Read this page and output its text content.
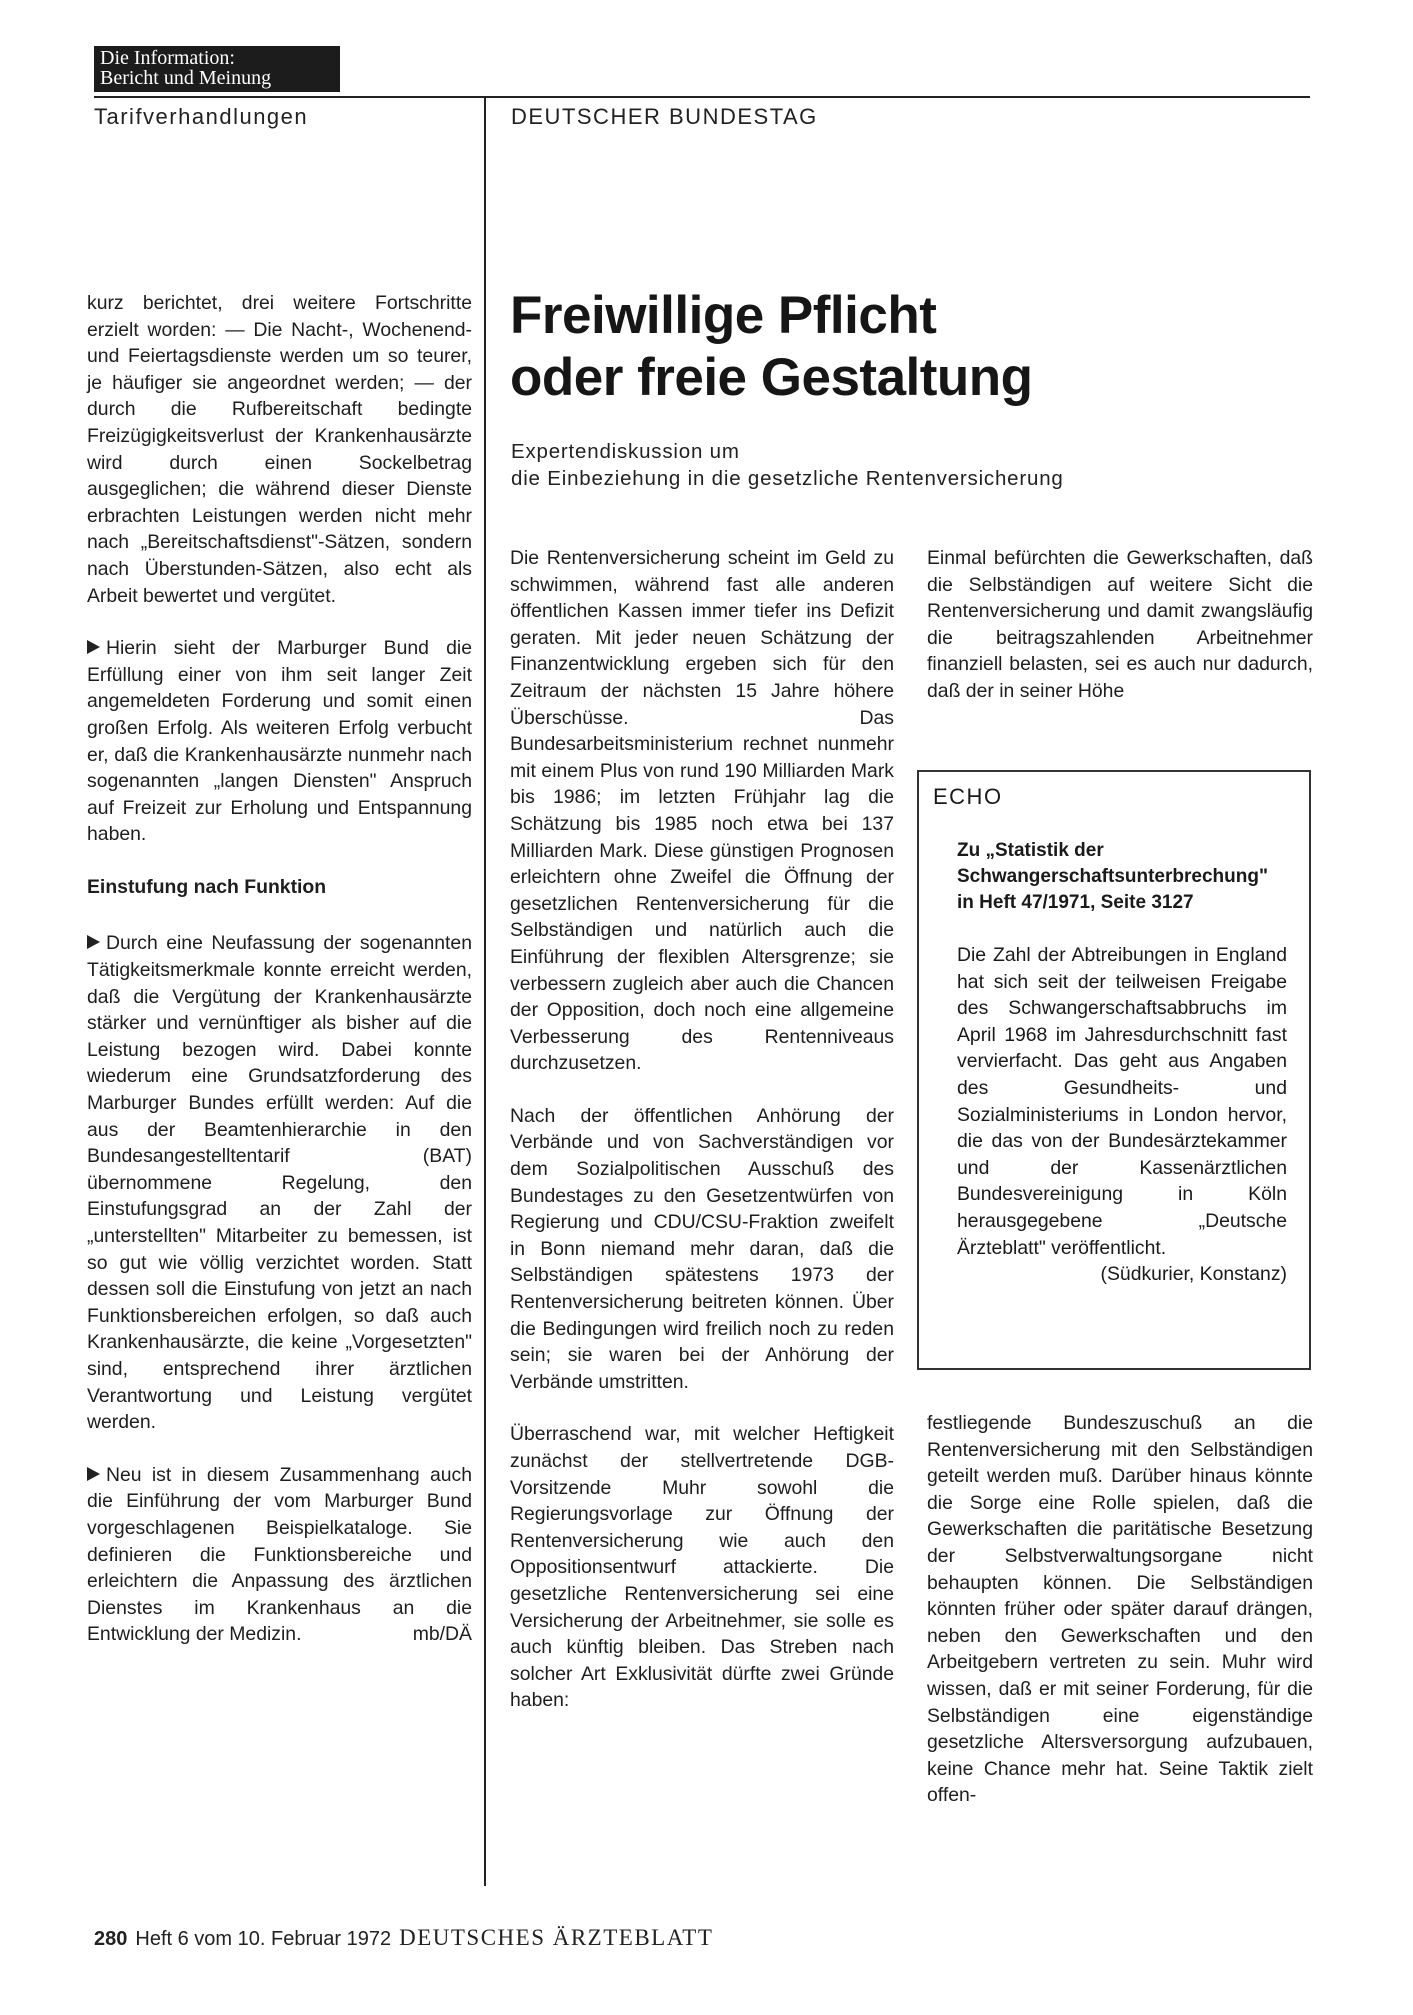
Die Information:
Bericht und Meinung
Tarifverhandlungen	DEUTSCHER BUNDESTAG

kurz berichtet, drei weitere Fortschritte erzielt worden: — Die Nacht-, Wochenend- und Feiertagsdienste werden um so teurer, je häufiger sie angeordnet werden; — der durch die Rufbereitschaft bedingte Freizügigkeitsverlust der Krankenhausärzte wird durch einen Sockelbetrag ausgeglichen; die während dieser Dienste erbrachten Leistungen werden nicht mehr nach „Bereitschaftsdienst"-Sätzen, sondern nach Überstunden-Sätzen, also echt als Arbeit bewertet und vergütet.

Hierin sieht der Marburger Bund die Erfüllung einer von ihm seit langer Zeit angemeldeten Forderung und somit einen großen Erfolg. Als weiteren Erfolg verbucht er, daß die Krankenhausärzte nunmehr nach sogenannten „langen Diensten" Anspruch auf Freizeit zur Erholung und Entspannung haben.

Einstufung nach Funktion

Durch eine Neufassung der sogenannten Tätigkeitsmerkmale konnte erreicht werden, daß die Vergütung der Krankenhausärzte stärker und vernünftiger als bisher auf die Leistung bezogen wird. Dabei konnte wiederum eine Grundsatzforderung des Marburger Bundes erfüllt werden: Auf die aus der Beamtenhierarchie in den Bundesangestelltentarif (BAT) übernommene Regelung, den Einstufungsgrad an der Zahl der „unterstellten" Mitarbeiter zu bemessen, ist so gut wie völlig verzichtet worden. Statt dessen soll die Einstufung von jetzt an nach Funktionsbereichen erfolgen, so daß auch Krankenhausärzte, die keine „Vorgesetzten" sind, entsprechend ihrer ärztlichen Verantwortung und Leistung vergütet werden.

Neu ist in diesem Zusammenhang auch die Einführung der vom Marburger Bund vorgeschlagenen Beispielkataloge. Sie definieren die Funktionsbereiche und erleichtern die Anpassung des ärztlichen Dienstes im Krankenhaus an die Entwicklung der Medizin.	mb/DÄ

Freiwillige Pflicht
oder freie Gestaltung
Expertendiskussion um
die Einbeziehung in die gesetzliche Rentenversicherung

Die Rentenversicherung scheint im Geld zu schwimmen, während fast alle anderen öffentlichen Kassen immer tiefer ins Defizit geraten. Mit jeder neuen Schätzung der Finanzentwicklung ergeben sich für den Zeitraum der nächsten 15 Jahre höhere Überschüsse. Das Bundesarbeitsministerium rechnet nunmehr mit einem Plus von rund 190 Milliarden Mark bis 1986; im letzten Frühjahr lag die Schätzung bis 1985 noch etwa bei 137 Milliarden Mark. Diese günstigen Prognosen erleichtern ohne Zweifel die Öffnung der gesetzlichen Rentenversicherung für die Selbständigen und natürlich auch die Einführung der flexiblen Altersgrenze; sie verbessern zugleich aber auch die Chancen der Opposition, doch noch eine allgemeine Verbesserung des Rentenniveaus durchzusetzen.

Nach der öffentlichen Anhörung der Verbände und von Sachverständigen vor dem Sozialpolitischen Ausschuß des Bundestages zu den Gesetzentwürfen von Regierung und CDU/CSU-Fraktion zweifelt in Bonn niemand mehr daran, daß die Selbständigen spätestens 1973 der Rentenversicherung beitreten können. Über die Bedingungen wird freilich noch zu reden sein; sie waren bei der Anhörung der Verbände umstritten.

Überraschend war, mit welcher Heftigkeit zunächst der stellvertretende DGB-Vorsitzende Muhr sowohl die Regierungsvorlage zur Öffnung der Rentenversicherung wie auch den Oppositionsentwurf attackierte. Die gesetzliche Rentenversicherung sei eine Versicherung der Arbeitnehmer, sie solle es auch künftig bleiben. Das Streben nach solcher Art Exklusivität dürfte zwei Gründe haben:

Einmal befürchten die Gewerkschaften, daß die Selbständigen auf weitere Sicht die Rentenversicherung und damit zwangsläufig die beitragszahlenden Arbeitnehmer finanziell belasten, sei es auch nur dadurch, daß der in seiner Höhe

ECHO
Zu „Statistik der Schwangerschaftsunterbrechung" in Heft 47/1971, Seite 3127
Die Zahl der Abtreibungen in England hat sich seit der teilweisen Freigabe des Schwangerschaftsabbruchs im April 1968 im Jahresdurchschnitt fast vervierfacht. Das geht aus Angaben des Gesundheits- und Sozialministeriums in London hervor, die das von der Bundesärztekammer und der Kassenärztlichen Bundesvereinigung in Köln herausgegebene „Deutsche Ärzteblatt" veröffentlicht.
(Südkurier, Konstanz)

festliegende Bundeszuschuß an die Rentenversicherung mit den Selbständigen geteilt werden muß. Darüber hinaus könnte die Sorge eine Rolle spielen, daß die Gewerkschaften die paritätische Besetzung der Selbstverwaltungsorgane nicht behaupten können. Die Selbständigen könnten früher oder später darauf drängen, neben den Gewerkschaften und den Arbeitgebern vertreten zu sein. Muhr wird wissen, daß er mit seiner Forderung, für die Selbständigen eine eigenständige gesetzliche Altersversorgung aufzubauen, keine Chance mehr hat. Seine Taktik zielt offen-

280 Heft 6 vom 10. Februar 1972 DEUTSCHES ÄRZTEBLATT
